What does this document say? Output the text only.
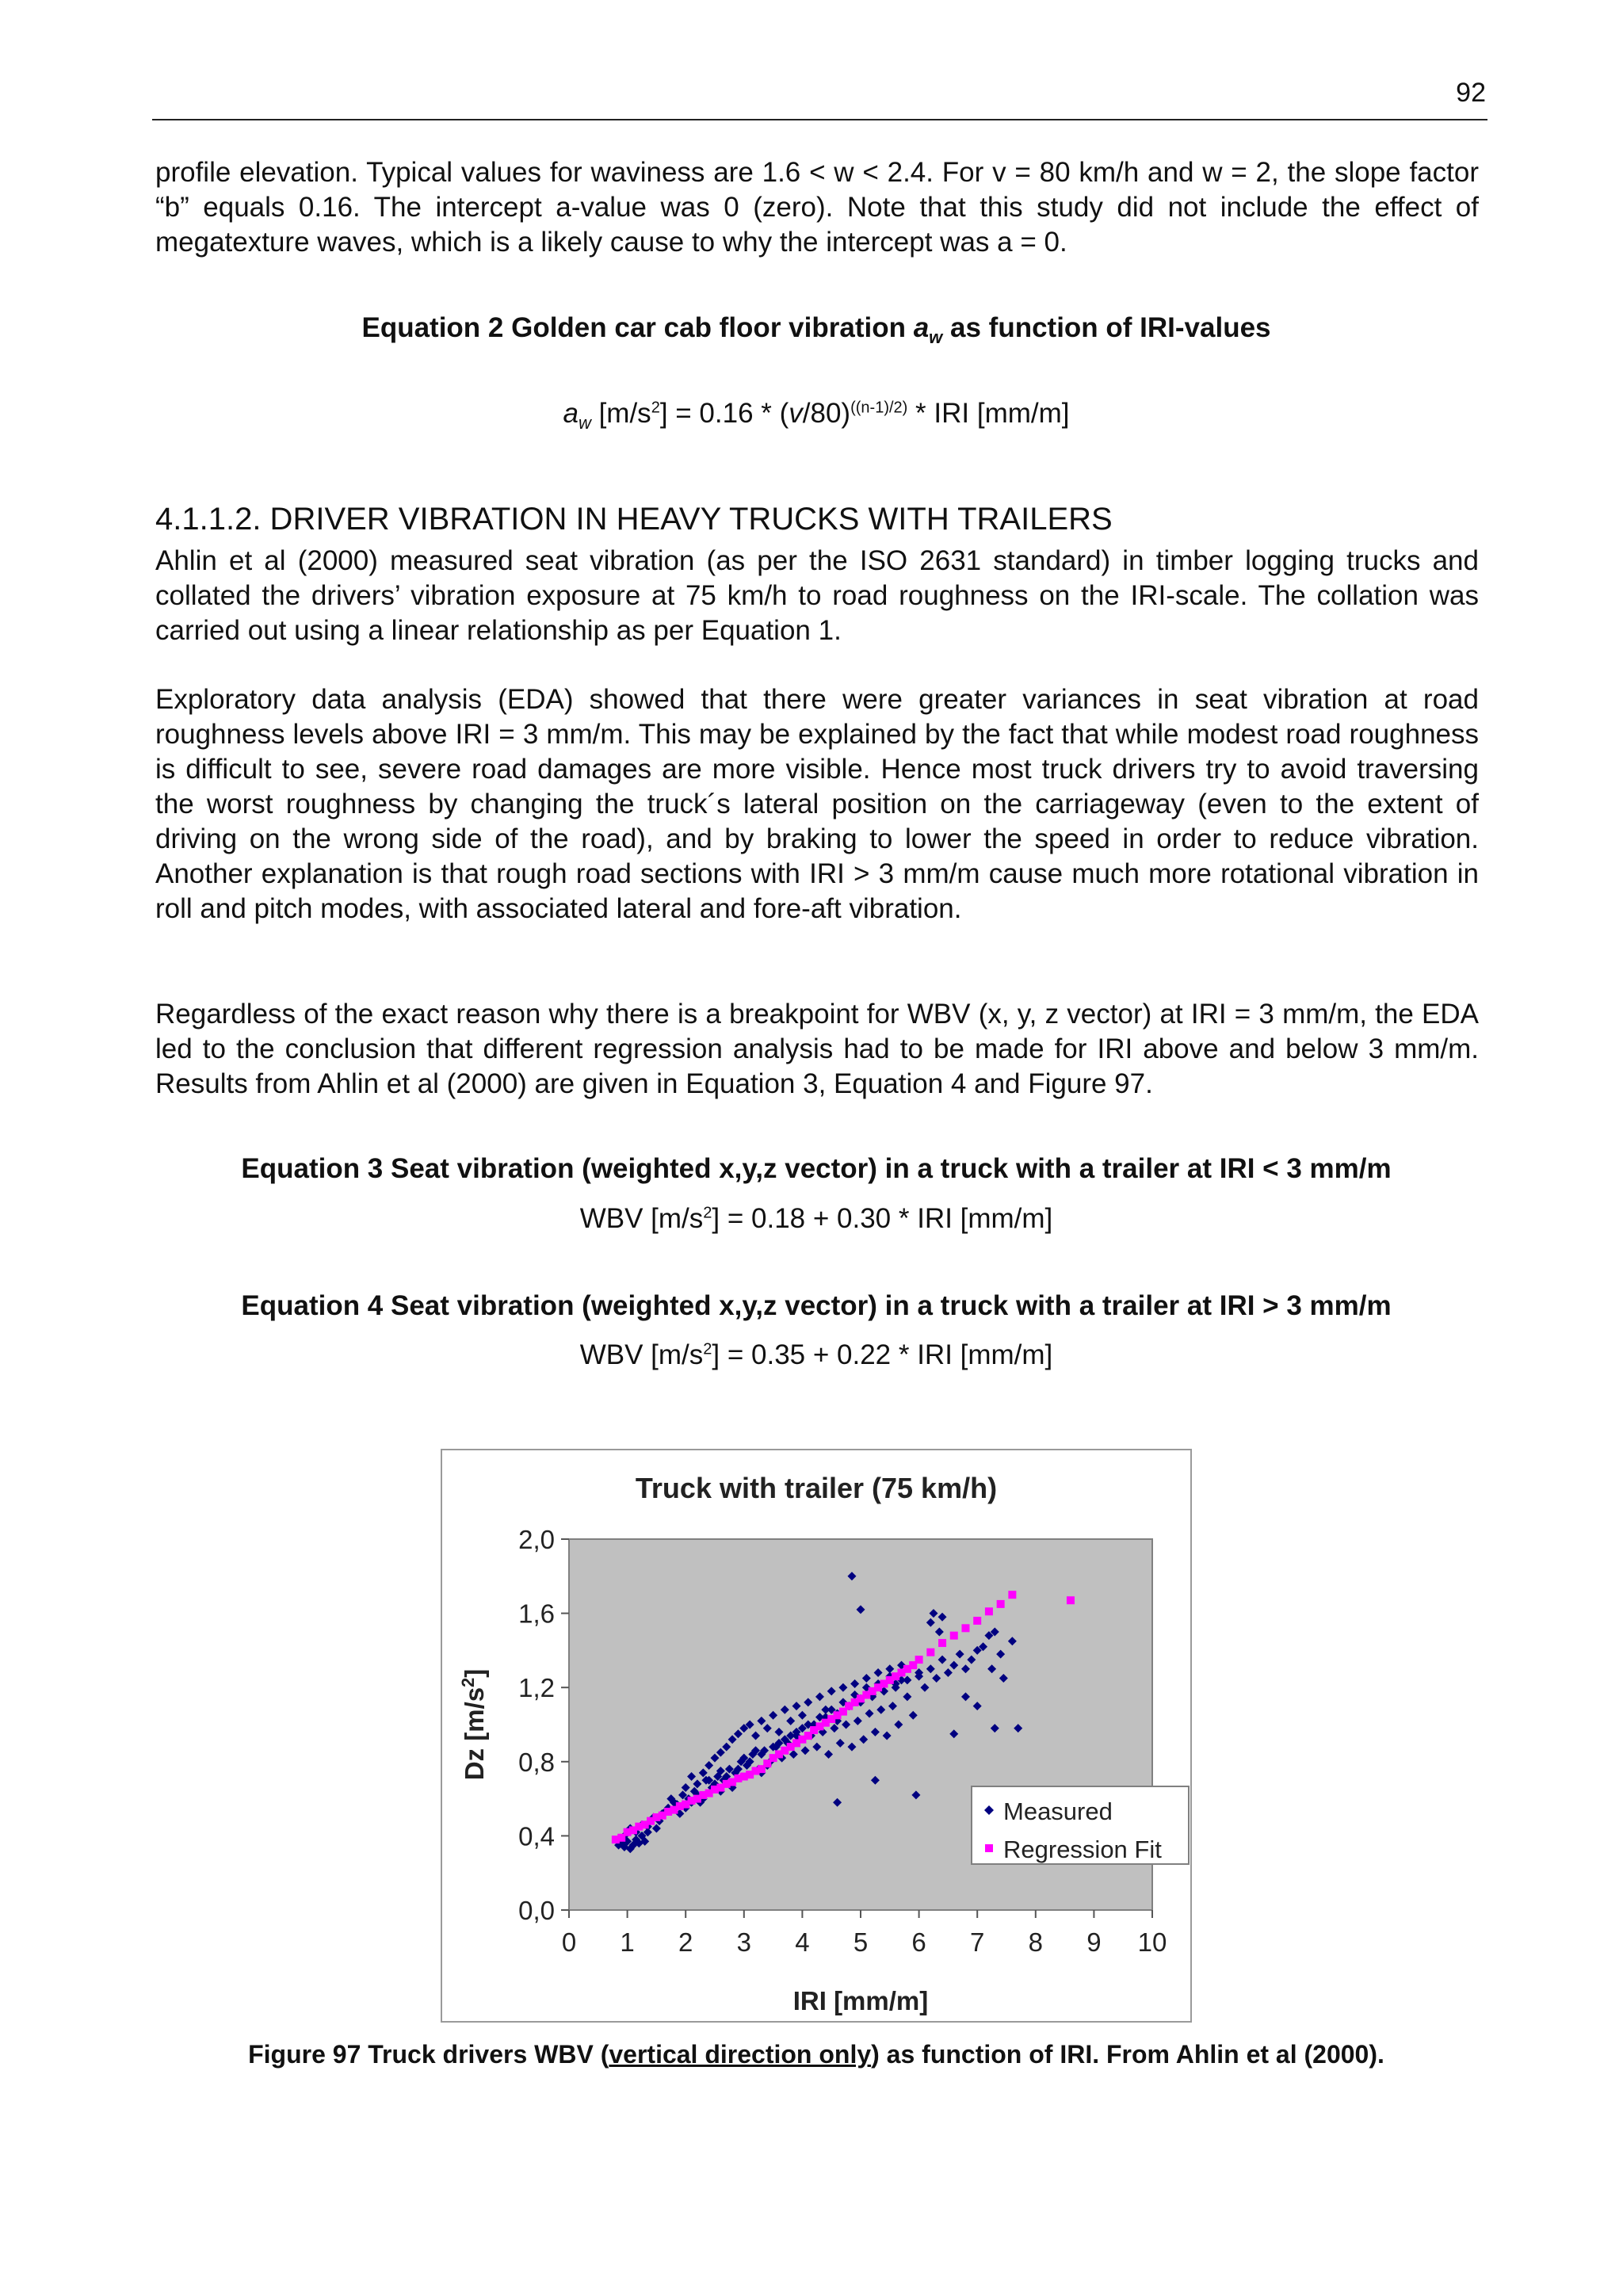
92

profile elevation. Typical values for waviness are 1.6 < w < 2.4. For v = 80 km/h and w = 2, the slope factor “b” equals 0.16. The intercept a-value was 0 (zero). Note that this study did not include the effect of megatexture waves, which is a likely cause to why the intercept was a = 0.

Equation 2 Golden car cab floor vibration $a_w$ as function of IRI-values
$a_w$ $[m/s^2] = 0.16 * (v/80)^{((n-1)/2)}$ * IRI [mm/m]
4.1.1.2. DRIVER VIBRATION IN HEAVY TRUCKS WITH TRAILERS

Ahlin et al (2000) measured seat vibration (as per the ISO 2631 standard) in timber logging trucks and collated the drivers’ vibration exposure at 75 km/h to road roughness on the IRI-scale. The collation was carried out using a linear relationship as per Equation 1.

Exploratory data analysis (EDA) showed that there were greater variances in seat vibration at road roughness levels above IRI = 3 mm/m. This may be explained by the fact that while modest road roughness is difficult to see, severe road damages are more visible. Hence most truck drivers try to avoid traversing the worst roughness by changing the truck´s lateral position on the carriageway (even to the extent of driving on the wrong side of the road), and by braking to lower the speed in order to reduce vibration. Another explanation is that rough road sections with IRI > 3 mm/m cause much more rotational vibration in roll and pitch modes, with associated lateral and fore-aft vibration.

Regardless of the exact reason why there is a breakpoint for WBV (x, y, z vector) at IRI = 3 mm/m, the EDA led to the conclusion that different regression analysis had to be made for IRI above and below 3 mm/m. Results from Ahlin et al (2000) are given in Equation 3, Equation 4 and Figure 97.

Equation 3 Seat vibration (weighted x,y,z vector) in a truck with a trailer at IRI < 3 mm/m
WBV $[m/s^2] = 0.18 + 0.30$ * IRI [mm/m]
Equation 4 Seat vibration (weighted x,y,z vector) in a truck with a trailer at IRI > 3 mm/m
WBV $[m/s^2] = 0.35 + 0.22$ * IRI [mm/m]
Truck with trailer (75 km/h)
0,0
0,4
0,8
1,2
1,6
2,0
0 1 2 3 4 5 6 7 8 9 10
IRI [mm/m]
Dz $[m/s^2]$
Measured
Regression Fit
Figure 97 Truck drivers WBV (vertical direction only) as function of IRI. From Ahlin et al (2000).
